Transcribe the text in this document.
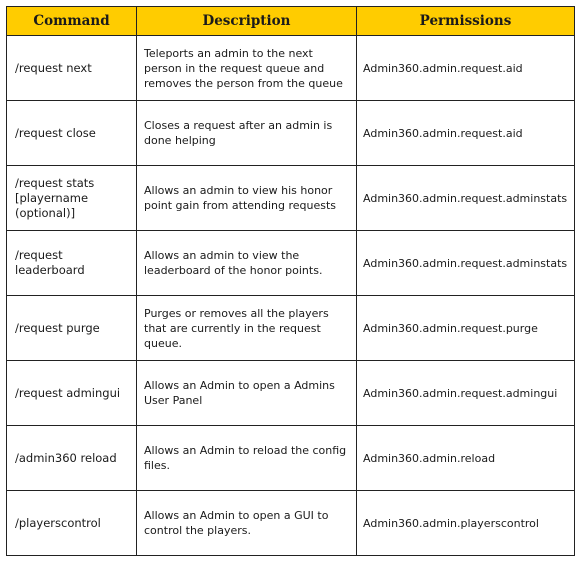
Command	Description	Permissions
/request next	Teleports an admin to the next person in the request queue and removes the person from the queue	Admin360.admin.request.aid
/request close	Closes a request after an admin is done helping	Admin360.admin.request.aid
/request stats [playername (optional)]	Allows an admin to view his honor point gain from attending requests	Admin360.admin.request.adminstats
/request leaderboard	Allows an admin to view the leaderboard of the honor points.	Admin360.admin.request.adminstats
/request purge	Purges or removes all the players that are currently in the request queue.	Admin360.admin.request.purge
/request admingui	Allows an Admin to open a Admins User Panel	Admin360.admin.request.admingui
/admin360 reload	Allows an Admin to reload the config files.	Admin360.admin.reload
/playerscontrol	Allows an Admin to open a GUI to control the players.	Admin360.admin.playerscontrol
